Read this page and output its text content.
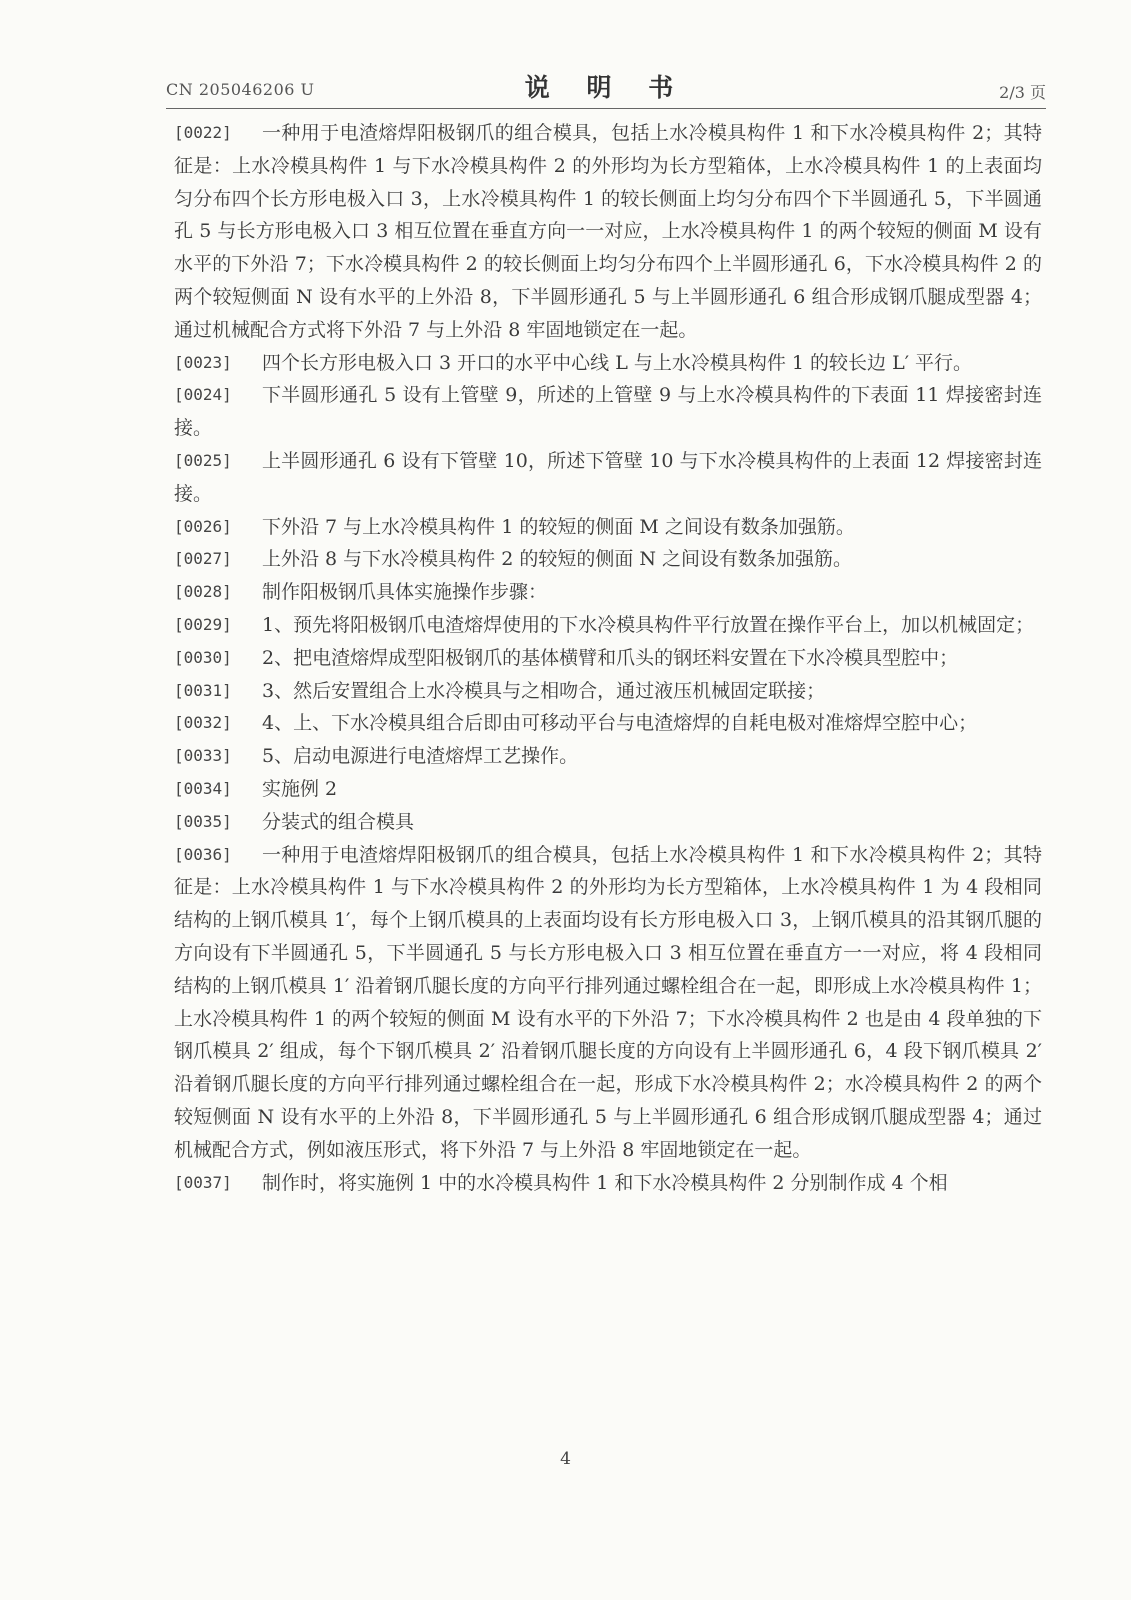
CN 205046206 U	说 明 书	2/3 页
[0022] 一种用于电渣熔焊阳极钢爪的组合模具，包括上水冷模具构件 1 和下水冷模具构件 2；其特征是：上水冷模具构件 1 与下水冷模具构件 2 的外形均为长方型箱体，上水冷模具构件 1 的上表面均匀分布四个长方形电极入口 3，上水冷模具构件 1 的较长侧面上均匀分布四个下半圆通孔 5，下半圆通孔 5 与长方形电极入口 3 相互位置在垂直方向一一对应，上水冷模具构件 1 的两个较短的侧面 M 设有水平的下外沿 7；下水冷模具构件 2 的较长侧面上均匀分布四个上半圆形通孔 6，下水冷模具构件 2 的两个较短侧面 N 设有水平的上外沿 8，下半圆形通孔 5 与上半圆形通孔 6 组合形成钢爪腿成型器 4；通过机械配合方式将下外沿 7 与上外沿 8 牢固地锁定在一起。
[0023] 四个长方形电极入口 3 开口的水平中心线 L 与上水冷模具构件 1 的较长边 L′ 平行。
[0024] 下半圆形通孔 5 设有上管壁 9，所述的上管壁 9 与上水冷模具构件的下表面 11 焊接密封连接。
[0025] 上半圆形通孔 6 设有下管壁 10，所述下管壁 10 与下水冷模具构件的上表面 12 焊接密封连接。
[0026] 下外沿 7 与上水冷模具构件 1 的较短的侧面 M 之间设有数条加强筋。
[0027] 上外沿 8 与下水冷模具构件 2 的较短的侧面 N 之间设有数条加强筋。
[0028] 制作阳极钢爪具体实施操作步骤：
[0029] 1、预先将阳极钢爪电渣熔焊使用的下水冷模具构件平行放置在操作平台上，加以机械固定；
[0030] 2、把电渣熔焊成型阳极钢爪的基体横臂和爪头的钢坯料安置在下水冷模具型腔中；
[0031] 3、然后安置组合上水冷模具与之相吻合，通过液压机械固定联接；
[0032] 4、上、下水冷模具组合后即由可移动平台与电渣熔焊的自耗电极对准熔焊空腔中心；
[0033] 5、启动电源进行电渣熔焊工艺操作。
[0034] 实施例 2
[0035] 分装式的组合模具
[0036] 一种用于电渣熔焊阳极钢爪的组合模具，包括上水冷模具构件 1 和下水冷模具构件 2；其特征是：上水冷模具构件 1 与下水冷模具构件 2 的外形均为长方型箱体，上水冷模具构件 1 为 4 段相同结构的上钢爪模具 1′，每个上钢爪模具的上表面均设有长方形电极入口 3，上钢爪模具的沿其钢爪腿的方向设有下半圆通孔 5，下半圆通孔 5 与长方形电极入口 3 相互位置在垂直方一一对应，将 4 段相同结构的上钢爪模具 1′ 沿着钢爪腿长度的方向平行排列通过螺栓组合在一起，即形成上水冷模具构件 1；上水冷模具构件 1 的两个较短的侧面 M 设有水平的下外沿 7；下水冷模具构件 2 也是由 4 段单独的下钢爪模具 2′ 组成，每个下钢爪模具 2′ 沿着钢爪腿长度的方向设有上半圆形通孔 6，4 段下钢爪模具 2′ 沿着钢爪腿长度的方向平行排列通过螺栓组合在一起，形成下水冷模具构件 2；水冷模具构件 2 的两个较短侧面 N 设有水平的上外沿 8，下半圆形通孔 5 与上半圆形通孔 6 组合形成钢爪腿成型器 4；通过机械配合方式，例如液压形式，将下外沿 7 与上外沿 8 牢固地锁定在一起。
[0037] 制作时，将实施例 1 中的水冷模具构件 1 和下水冷模具构件 2 分别制作成 4 个相
4
